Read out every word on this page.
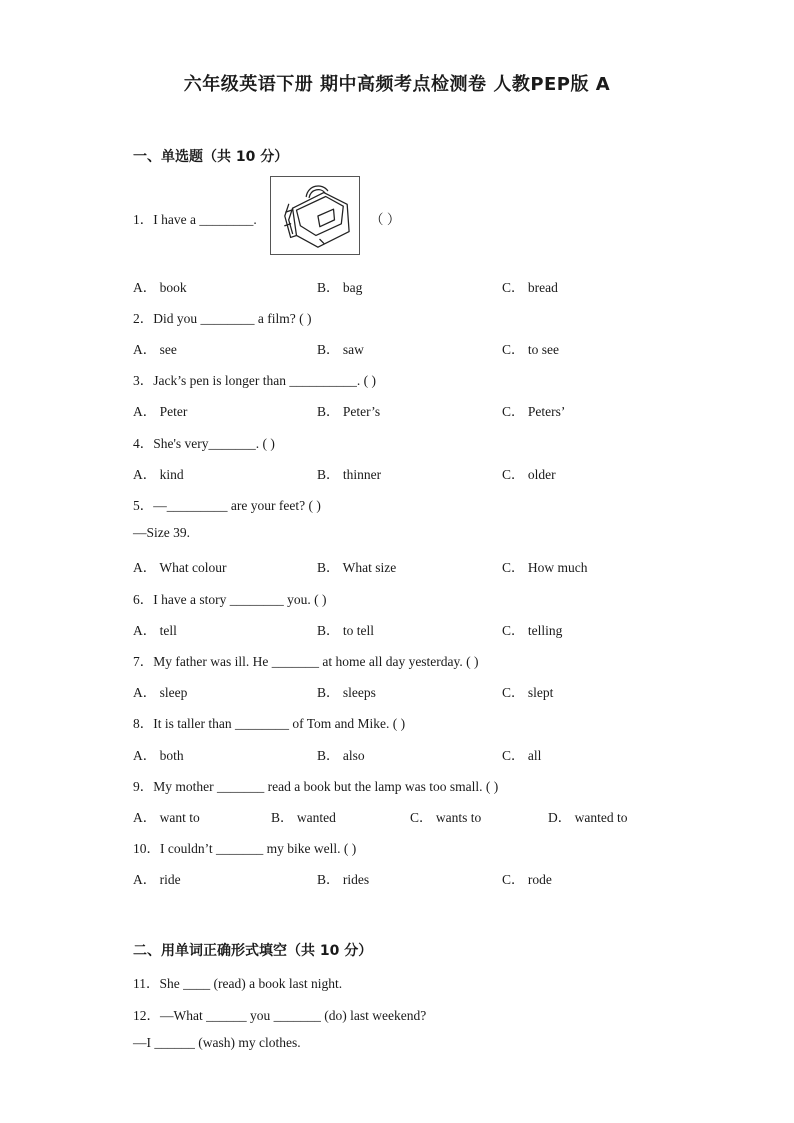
六年级英语下册 期中高频考点检测卷 人教PEP版 A
一、单选题（共 10 分）
1．I have a ________.	（ ）
A． book	B． bag	C． bread
2．Did you ________ a film? ( )
A． see	B． saw	C． to see
3．Jack’s pen is longer than __________. ( )
A． Peter	B． Peter’s	C． Peters’
4．She's very_______. ( )
A． kind	B． thinner	C． older
5．—_________ are your feet? ( )
—Size 39.
A． What colour	B． What size	C． How much
6．I have a story ________ you. ( )
A． tell	B． to tell	C． telling
7．My father was ill. He _______ at home all day yesterday. ( )
A． sleep	B． sleeps	C． slept
8．It is taller than ________ of Tom and Mike. ( )
A． both	B． also	C． all
9．My mother _______ read a book but the lamp was too small. ( )
A． want to	B． wanted	C． wants to	D． wanted to
10．I couldn’t _______ my bike well. ( )
A． ride	B． rides	C． rode
二、用单词正确形式填空（共 10 分）
11．She ____ (read) a book last night.
12．—What ______ you _______ (do) last weekend?
—I ______ (wash) my clothes.
